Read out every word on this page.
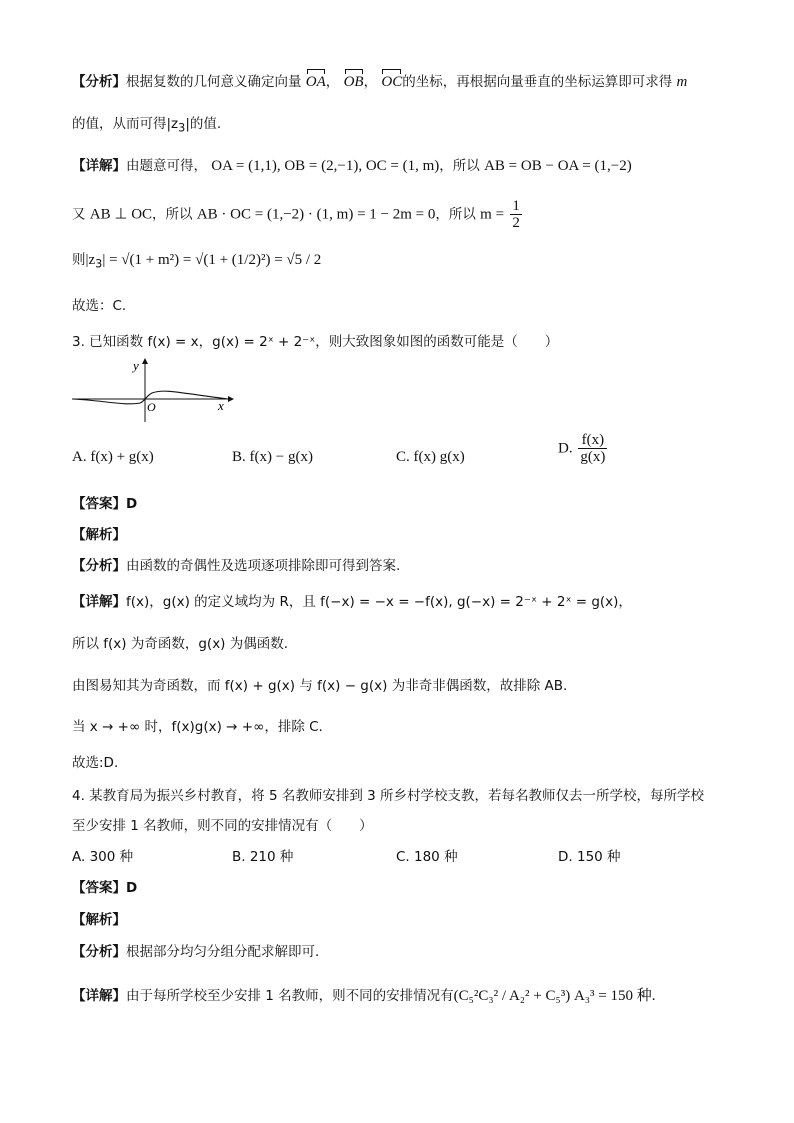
【分析】根据复数的几何意义确定向量 OA， OB， OC的坐标，再根据向量垂直的坐标运算即可求得 m
的值，从而可得$|z_3|$的值.
【详解】由题意可得， OA = (1,1), OB = (2,−1), OC = (1, m)，所以 AB = OB − OA = (1,−2)
又 AB ⊥ OC，所以 AB · OC = (1,−2) · (1, m) = 1 − 2m = 0，所以 $m = \frac{1}{2}$
则$|z_3| = √(1 + m^2) = √(1 + (1/2)^2) = √5 / 2$
故选：C.
3. 已知函数 f(x) = x，g(x) = 2ˣ + 2⁻ˣ，则大致图象如图的函数可能是（　　）
y
x
O
A. f(x) + g(x)	B. f(x) − g(x)	C. f(x) g(x)
D. $\frac{f(x)}{g(x)}$
【答案】D
【解析】
【分析】由函数的奇偶性及选项逐项排除即可得到答案.
【详解】f(x)，g(x) 的定义域均为 R，且 f(−x) = −x = −f(x), g(−x) = 2⁻ˣ + 2ˣ = g(x)，
所以 f(x) 为奇函数，g(x) 为偶函数.
由图易知其为奇函数，而 f(x) + g(x) 与 f(x) − g(x) 为非奇非偶函数，故排除 AB.
当 x → +∞ 时，f(x)g(x) → +∞，排除 C.
故选:D.
4. 某教育局为振兴乡村教育，将 5 名教师安排到 3 所乡村学校支教，若每名教师仅去一所学校，每所学校
至少安排 1 名教师，则不同的安排情况有（　　）
A. 300 种	B. 210 种	C. 180 种	D. 150 种
【答案】D
【解析】
【分析】根据部分均匀分组分配求解即可.
【详解】由于每所学校至少安排 1 名教师，则不同的安排情况有(C₅²C₃² / A₂² + C₅³) A₃³ = 150 种.
